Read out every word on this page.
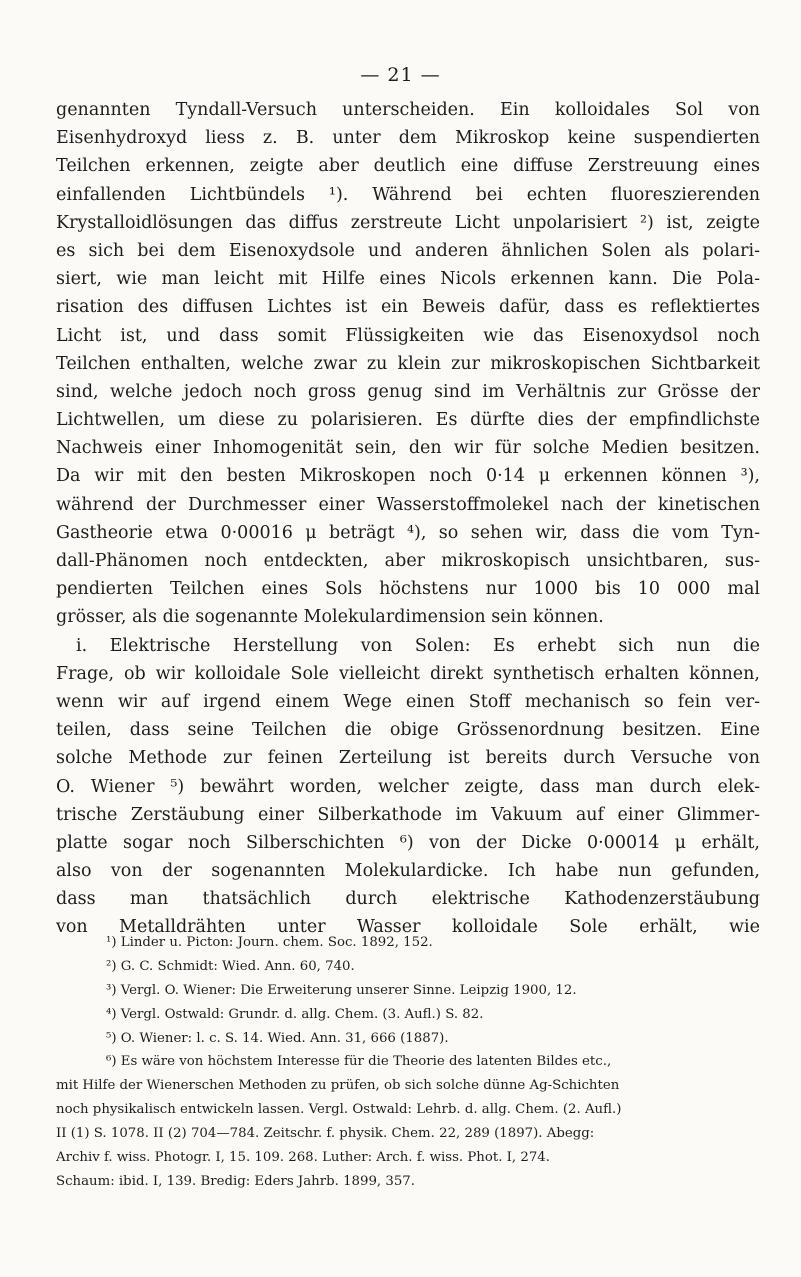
— 21 —
genannten Tyndall-Versuch unterscheiden. Ein kolloidales Sol von
Eisenhydroxyd liess z. B. unter dem Mikroskop keine suspendierten
Teilchen erkennen, zeigte aber deutlich eine diffuse Zerstreuung eines
einfallenden Lichtbündels ¹). Während bei echten fluoreszierenden
Krystalloidlösungen das diffus zerstreute Licht unpolarisiert ²) ist, zeigte
es sich bei dem Eisenoxydsole und anderen ähnlichen Solen als polari-
siert, wie man leicht mit Hilfe eines Nicols erkennen kann. Die Pola-
risation des diffusen Lichtes ist ein Beweis dafür, dass es reflektiertes
Licht ist, und dass somit Flüssigkeiten wie das Eisenoxydsol noch
Teilchen enthalten, welche zwar zu klein zur mikroskopischen Sichtbarkeit
sind, welche jedoch noch gross genug sind im Verhältnis zur Grösse der
Lichtwellen, um diese zu polarisieren. Es dürfte dies der empfindlichste
Nachweis einer Inhomogenität sein, den wir für solche Medien besitzen.
Da wir mit den besten Mikroskopen noch 0·14 μ erkennen können ³),
während der Durchmesser einer Wasserstoffmolekel nach der kinetischen
Gastheorie etwa 0·00016 μ beträgt ⁴), so sehen wir, dass die vom Tyn-
dall-Phänomen noch entdeckten, aber mikroskopisch unsichtbaren, sus-
pendierten Teilchen eines Sols höchstens nur 1000 bis 10 000 mal
grösser, als die sogenannte Molekulardimension sein können.
i. Elektrische Herstellung von Solen: Es erhebt sich nun die
Frage, ob wir kolloidale Sole vielleicht direkt synthetisch erhalten können,
wenn wir auf irgend einem Wege einen Stoff mechanisch so fein ver-
teilen, dass seine Teilchen die obige Grössenordnung besitzen. Eine
solche Methode zur feinen Zerteilung ist bereits durch Versuche von
O. Wiener ⁵) bewährt worden, welcher zeigte, dass man durch elek-
trische Zerstäubung einer Silberkathode im Vakuum auf einer Glimmer-
platte sogar noch Silberschichten ⁶) von der Dicke 0·00014 μ erhält,
also von der sogenannten Molekulardicke. Ich habe nun gefunden,
dass man thatsächlich durch elektrische Kathodenzerstäubung
von Metalldrähten unter Wasser kolloidale Sole erhält, wie
¹) Linder u. Picton: Journ. chem. Soc. 1892, 152.
²) G. C. Schmidt: Wied. Ann. 60, 740.
³) Vergl. O. Wiener: Die Erweiterung unserer Sinne. Leipzig 1900, 12.
⁴) Vergl. Ostwald: Grundr. d. allg. Chem. (3. Aufl.) S. 82.
⁵) O. Wiener: l. c. S. 14. Wied. Ann. 31, 666 (1887).
⁶) Es wäre von höchstem Interesse für die Theorie des latenten Bildes etc.,
mit Hilfe der Wienerschen Methoden zu prüfen, ob sich solche dünne Ag-Schichten
noch physikalisch entwickeln lassen. Vergl. Ostwald: Lehrb. d. allg. Chem. (2. Aufl.)
II (1) S. 1078. II (2) 704—784. Zeitschr. f. physik. Chem. 22, 289 (1897). Abegg:
Archiv f. wiss. Photogr. I, 15. 109. 268. Luther: Arch. f. wiss. Phot. I, 274.
Schaum: ibid. I, 139. Bredig: Eders Jahrb. 1899, 357.
